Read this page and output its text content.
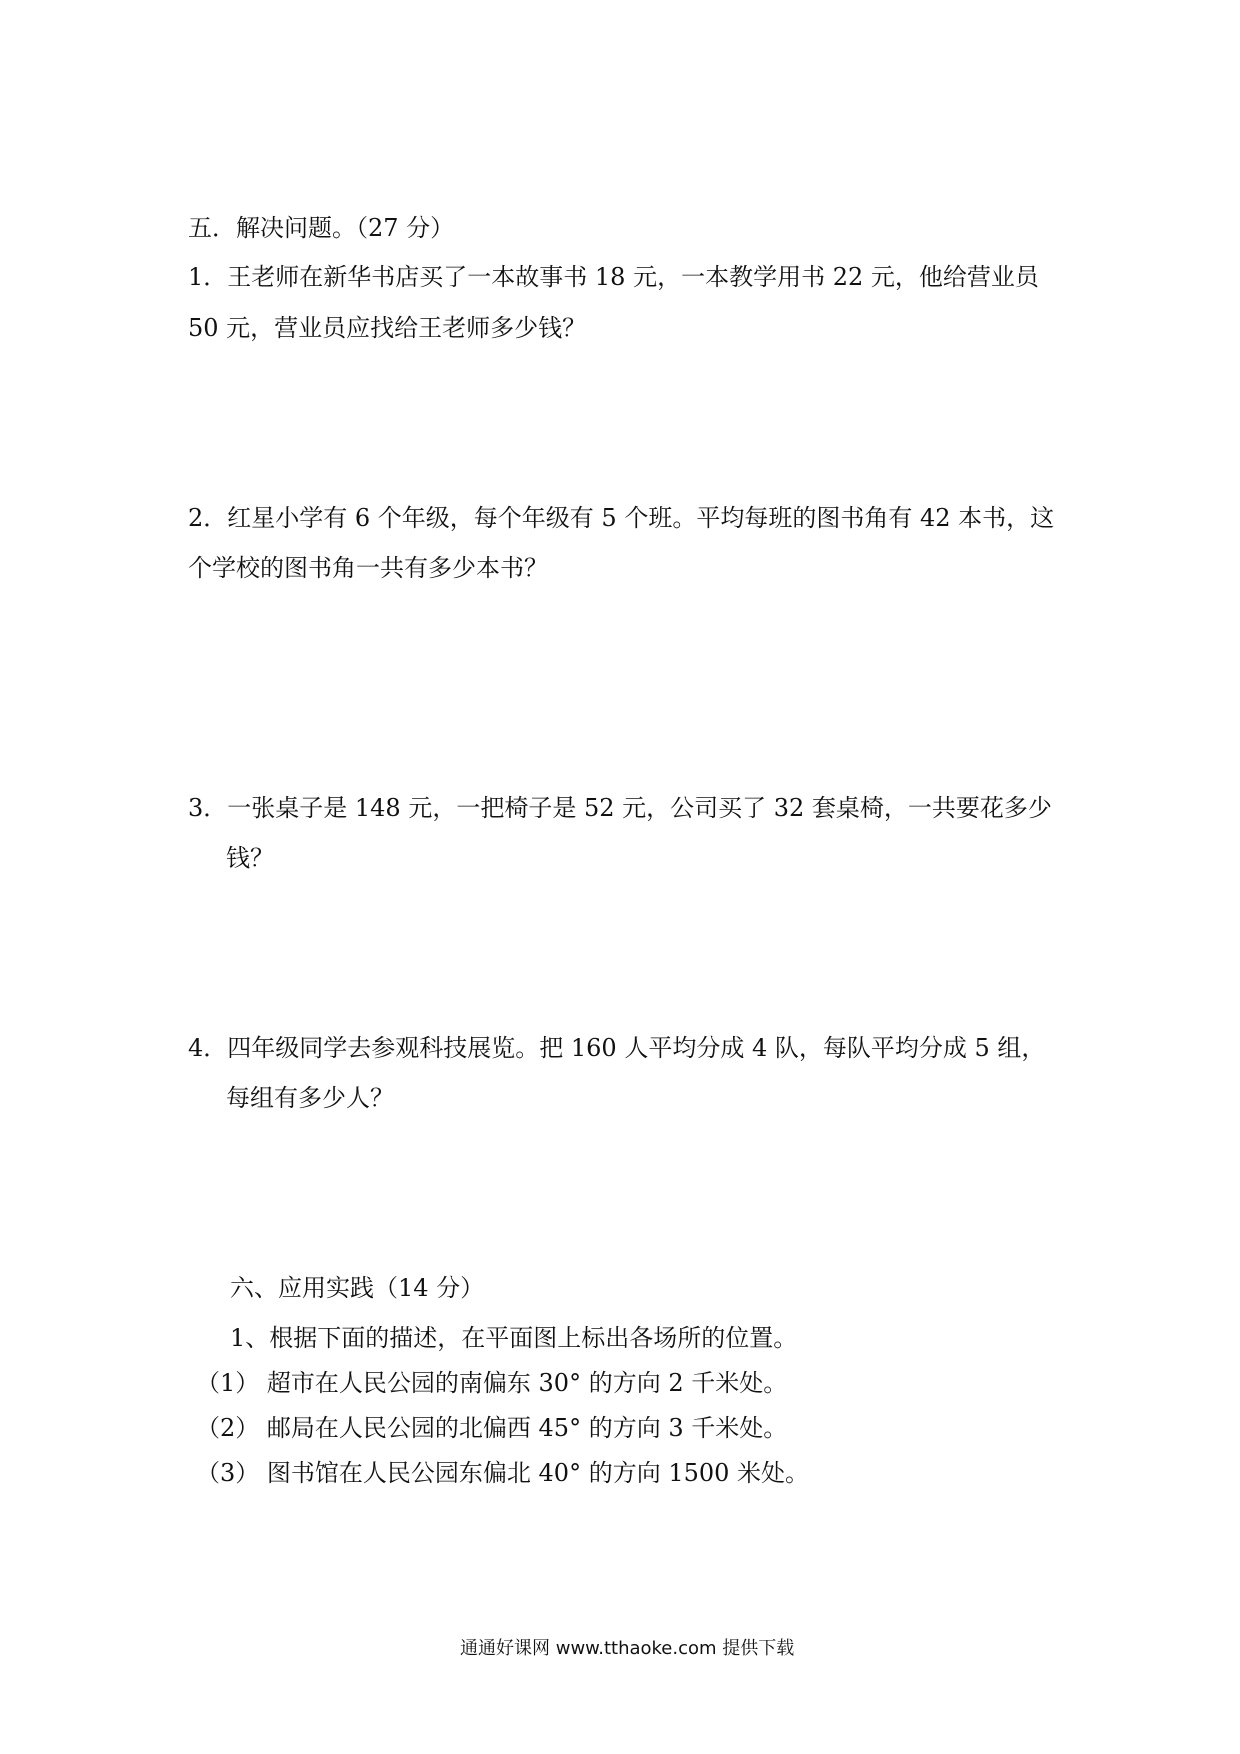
五．解决问题。（27 分）
1．王老师在新华书店买了一本故事书 18 元，一本教学用书 22 元，他给营业员
50 元，营业员应找给王老师多少钱？
2．红星小学有 6 个年级，每个年级有 5 个班。平均每班的图书角有 42 本书，这
个学校的图书角一共有多少本书？
3．一张桌子是 148 元，一把椅子是 52 元，公司买了 32 套桌椅，一共要花多少
钱？
4．四年级同学去参观科技展览。把 160 人平均分成 4 队，每队平均分成 5 组，
每组有多少人？
六、应用实践（14 分）
1、根据下面的描述，在平面图上标出各场所的位置。
（1） 超市在人民公园的南偏东 30° 的方向 2 千米处。
（2） 邮局在人民公园的北偏西 45° 的方向 3 千米处。
（3） 图书馆在人民公园东偏北 40° 的方向 1500 米处。
通通好课网 www.tthaoke.com 提供下载
